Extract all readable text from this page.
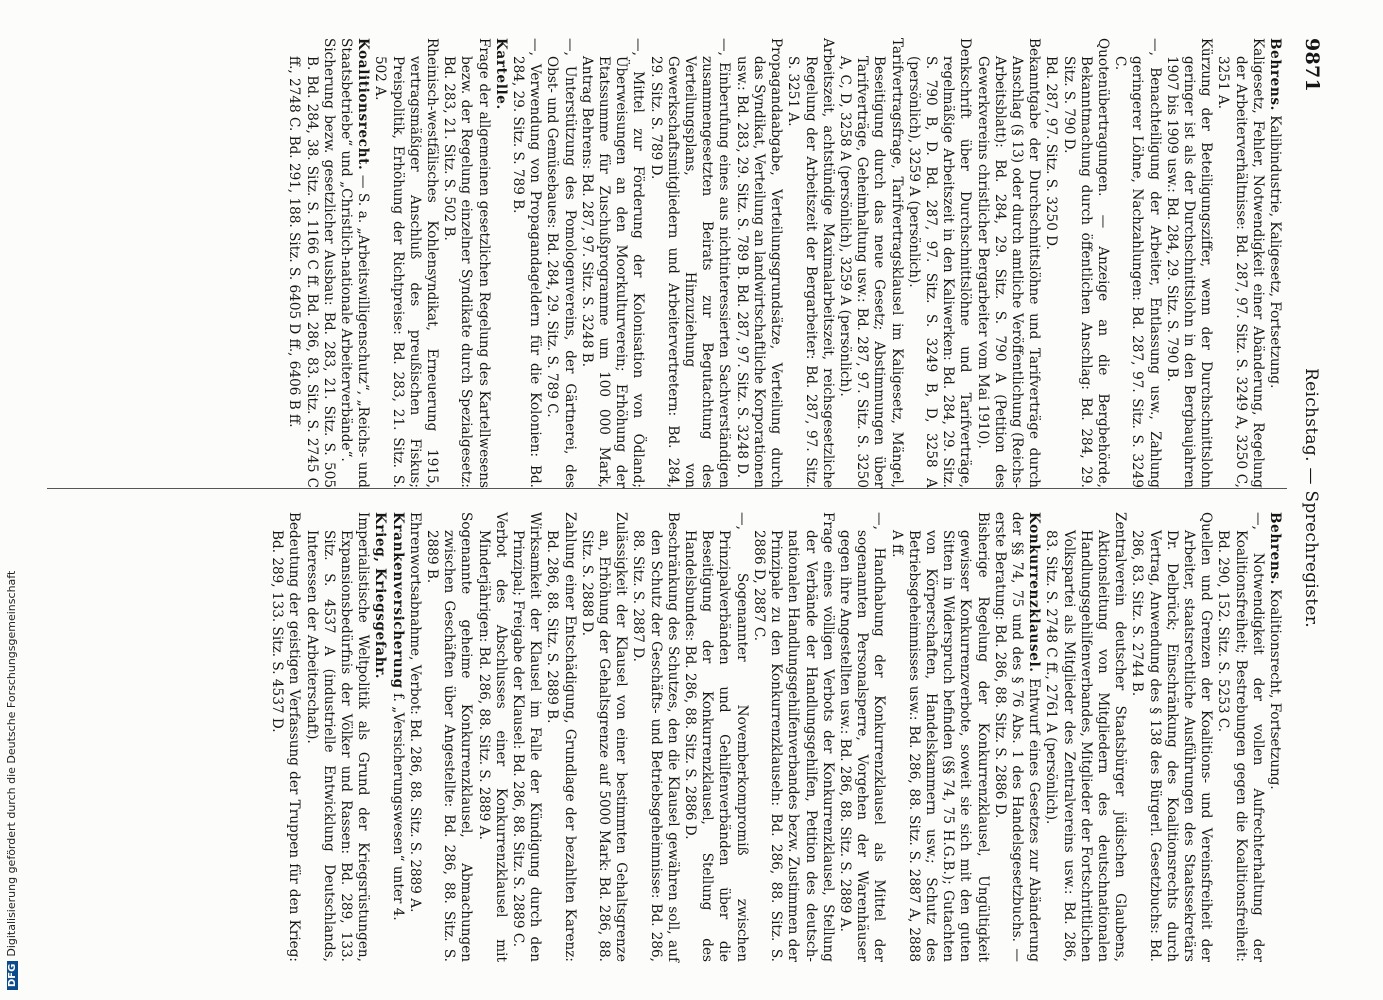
9871
Reichstag. — Sprechregister.

Behrens. Kalibindustrie, Kaligesetz, Fortsetzung.

Kaligesetz, Fehler, Notwendigkeit einer Abänderung, Regelung der Arbeiterverhältnisse: Bd. 287, 97. Sitz. S. 3249 A, 3250 C, 3251 A.

Kürzung der Beteiligungsziffer, wenn der Durchschnittslohn geringer ist als der Durchschnittslohn in den Bergbaujahren 1907 bis 1909 usw.: Bd. 284, 29. Sitz. S. 790 B.

—, Benachteiligung der Arbeiter, Entlassung usw., Zahlung geringerer Löhne, Nachzahlungen: Bd. 287, 97. Sitz. S. 3249 C.

Quotenübertragungen. — Anzeige an die Bergbehörde, Bekanntmachung durch öffentlichen Anschlag: Bd. 284, 29. Sitz. S. 790 D.

Bd. 287, 97. Sitz. S. 3250 D.

Bekanntgabe der Durchschnittslöhne und Tarifverträge durch Anschlag (§ 13) oder durch amtliche Veröffentlichung (Reichs-Arbeitsblatt): Bd. 284, 29. Sitz. S. 790 A (Petition des Gewerkvereins christlicher Bergarbeiter vom Mai 1910).

Denkschrift über Durchschnittslöhne und Tarifverträge, regelmäßige Arbeitszeit in den Kaliwerken: Bd. 284, 29. Sitz. S. 790 B, D. Bd. 287, 97. Sitz. S. 3249 B, D, 3258 A (persönlich), 3259 A (persönlich).

Tarifvertragsfrage, Tarifvertragsklausel im Kaligesetz, Mängel, Beseitigung durch das neue Gesetz; Abstimmungen über Tarifverträge, Geheimhaltung usw.: Bd. 287, 97. Sitz. S. 3250 A, C, D, 3258 A (persönlich), 3259 A (persönlich).

Arbeitszeit, achtstündige Maximalarbeitszeit, reichsgesetzliche Regelung der Arbeitszeit der Bergarbeiter: Bd. 287, 97. Sitz. S. 3251 A.

Propagandaabgabe, Verteilungsgrundsätze, Verteilung durch das Syndikat, Verteilung an landwirtschaftliche Korporationen usw.: Bd. 283, 29. Sitz. S. 789 B. Bd. 287, 97. Sitz. S. 3248 D.

—, Einberufung eines aus nichtinteressierten Sachverständigen zusammengesetzten Beirats zur Begutachtung des Verteilungsplans, Hinzuziehung von Gewerkschaftsmitgliedern und Arbeitervertretern: Bd. 284, 29. Sitz. S. 789 D.

—, Mittel zur Förderung der Kolonisation von Ödland; Überweisungen an den Moorkulturverein; Erhöhung der Etatssumme für Zuschußprogramme um 100 000 Mark, Antrag Behrens: Bd. 287, 97. Sitz. S. 3248 B.

—, Unterstützung des Pomologenvereins, der Gärtnerei, des Obst- und Gemüsebaues: Bd. 284, 29. Sitz. S. 789 C.

—, Verwendung von Propagandageldern für die Kolonien: Bd. 284, 29. Sitz. S. 789 B.

Kartelle.

Frage der allgemeinen gesetzlichen Regelung des Kartellwesens bezw. der Regelung einzelner Syndikate durch Spezialgesetz: Bd. 283, 21. Sitz. S. 502 B.

Rheinisch-westfälisches Kohlensyndikat, Erneuerung 1915, vertragsmäßiger Anschluß des preußischen Fiskus; Preispolitik, Erhöhung der Richtpreise: Bd. 283, 21. Sitz. S. 502 A.

Koalitionsrecht. — S. a. „Arbeitswilligenschutz“, „Reichs- und Staatsbetriebe“ und „Christlich-nationale Arbeiterverbände“.

Sicherung bezw. gesetzlicher Ausbau: Bd. 283, 21. Sitz. S. 505 B. Bd. 284, 38. Sitz. S. 1166 C ff. Bd. 286, 83. Sitz. S. 2745 C ff., 2748 C. Bd. 291, 188. Sitz. S. 6405 D ff., 6406 B ff.

Behrens. Koalitionsrecht, Fortsetzung.

—, Notwendigkeit der vollen Aufrechterhaltung der Koalitionsfreiheit; Bestrebungen gegen die Koalitionsfreiheit: Bd. 290, 152. Sitz. S. 5253 C.

Quellen und Grenzen der Koalitions- und Vereinsfreiheit der Arbeiter, staatsrechtliche Ausführungen des Staatssekretärs Dr. Delbrück; Einschränkung des Koalitionsrechts durch Vertrag, Anwendung des § 138 des Bürgerl. Gesetzbuchs: Bd. 286, 83. Sitz. S. 2744 B.

Zentralverein deutscher Staatsbürger jüdischen Glaubens, Aktionsleitung von Mitgliedern des deutschnationalen Handlungsgehilfenverbandes, Mitglieder der Fortschrittlichen Volkspartei als Mitglieder des Zentralvereins usw.: Bd. 286, 83. Sitz. S. 2748 C ff., 2761 A (persönlich).

Konkurrenzklausel. Entwurf eines Gesetzes zur Abänderung der §§ 74, 75 und des § 76 Abs. 1 des Handelsgesetzbuchs. — erste Beratung: Bd. 286, 88. Sitz. S. 2886 D.

Bisherige Regelung der Konkurrenzklausel, Ungültigkeit gewisser Konkurrenzverbote, soweit sie sich mit den guten Sitten in Widerspruch befinden (§§ 74, 75 H.G.B.); Gutachten von Körperschaften, Handelskammern usw.; Schutz des Betriebsgeheimnisses usw.: Bd. 286, 88. Sitz. S. 2887 A, 2888 A ff.

—, Handhabung der Konkurrenzklausel als Mittel der sogenannten Personalsperre, Vorgehen der Warenhäuser gegen ihre Angestellten usw.: Bd. 286, 88. Sitz. S. 2889 A.

Frage eines völligen Verbots der Konkurrenzklausel, Stellung der Verbände der Handlungsgehilfen, Petition des deutsch-nationalen Handlungsgehilfenverbandes bezw. Zustimmen der Prinzipale zu den Konkurrenzklauseln: Bd. 286, 88. Sitz. S. 2886 D, 2887 C.

—, Sogenannter Novemberkompromiß zwischen Prinzipalverbänden und Gehilfenverbänden über die Beseitigung der Konkurrenzklausel, Stellung des Handelsbundes: Bd. 286, 88. Sitz. S. 2886 D.

Beschränkung des Schutzes, den die Klausel gewähren soll, auf den Schutz der Geschäfts- und Betriebsgeheimnisse: Bd. 286, 88. Sitz. S. 2887 D.

Zulässigkeit der Klausel von einer bestimmten Gehaltsgrenze an, Erhöhung der Gehaltsgrenze auf 5000 Mark: Bd. 286, 88. Sitz. S. 2888 D.

Zahlung einer Entschädigung, Grundlage der bezahlten Karenz: Bd. 286, 88. Sitz. S. 2889 B.

Wirksamkeit der Klausel im Falle der Kündigung durch den Prinzipal; Freigabe der Klausel: Bd. 286, 88. Sitz. S. 2889 C.

Verbot des Abschlusses einer Konkurrenzklausel mit Minderjährigen: Bd. 286, 88. Sitz. S. 2889 A.

Sogenannte geheime Konkurrenzklausel, Abmachungen zwischen Geschäften über Angestellte: Bd. 286, 88. Sitz. S. 2889 B.

Ehrenwortsabnahme, Verbot: Bd. 286, 88. Sitz. S. 2889 A.

Krankenversicherung f. „Versicherungswesen“ unter 4.

Krieg, Kriegsgefahr.

Imperialistische Weltpolitik als Grund der Kriegsrüstungen, Expansionsbedürfnis der Völker und Rassen: Bd. 289, 133. Sitz. S. 4537 A (industrielle Entwicklung Deutschlands, Interessen der Arbeiterschaft).

Bedeutung der geistigen Verfassung der Truppen für den Krieg: Bd. 289, 133. Sitz. S. 4537 D.

DFGDigitalisierung gefördert durch die Deutsche Forschungsgemeinschaft
